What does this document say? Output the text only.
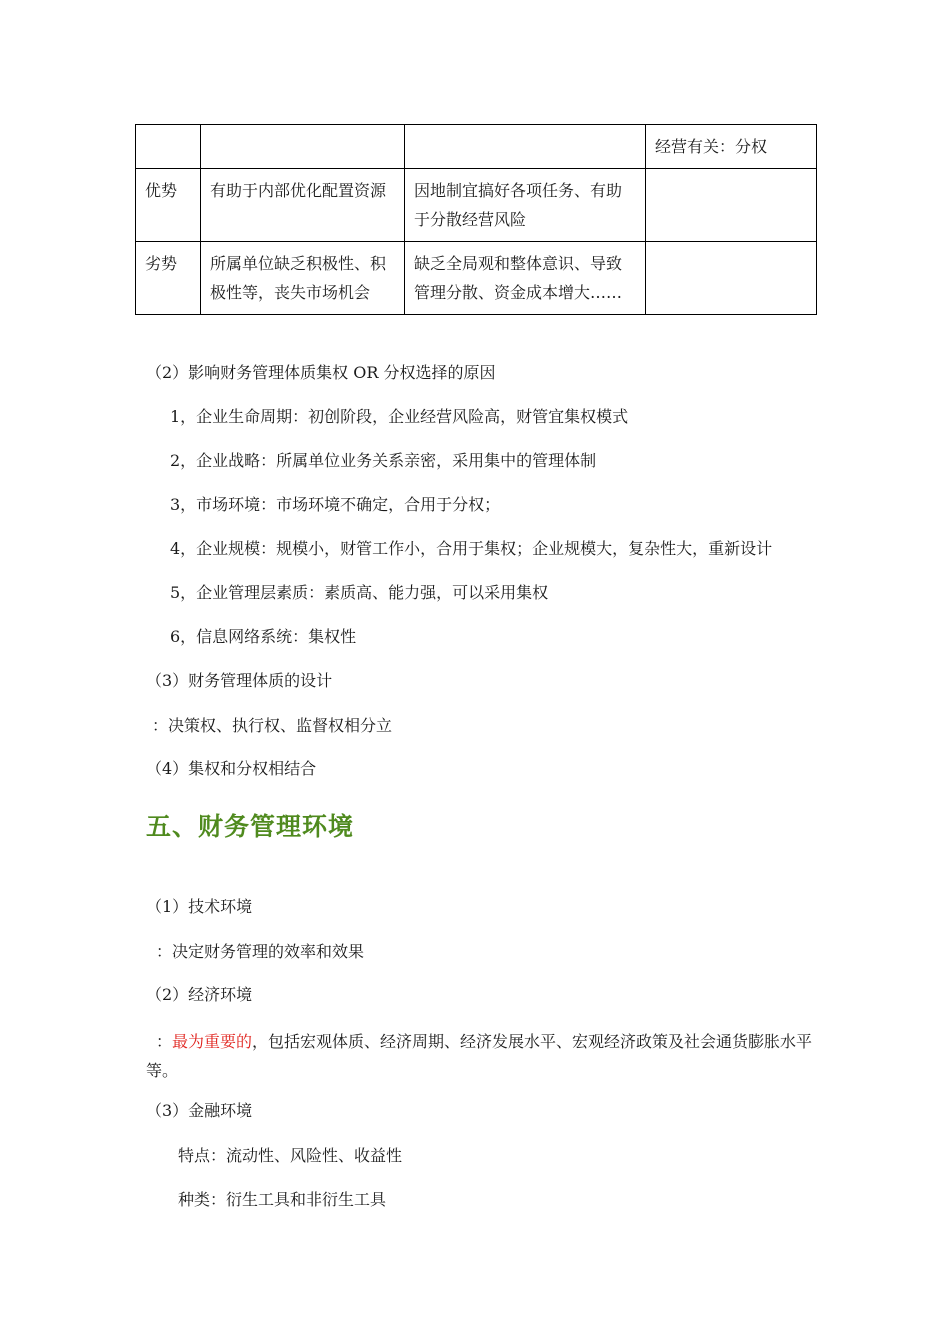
			经营有关：分权
优势	有助于内部优化配置资源	因地制宜搞好各项任务、有助于分散经营风险	
劣势	所属单位缺乏积极性、积极性等，丧失市场机会	缺乏全局观和整体意识、导致管理分散、资金成本增大……	
（2）影响财务管理体质集权 OR 分权选择的原因
1，企业生命周期：初创阶段，企业经营风险高，财管宜集权模式
2，企业战略：所属单位业务关系亲密，采用集中的管理体制
3，市场环境：市场环境不确定，合用于分权；
4，企业规模：规模小，财管工作小，合用于集权；企业规模大，复杂性大，重新设计
5，企业管理层素质：素质高、能力强，可以采用集权
6，信息网络系统：集权性
（3）财务管理体质的设计
：决策权、执行权、监督权相分立
（4）集权和分权相结合
五、财务管理环境
（1）技术环境
：决定财务管理的效率和效果
（2）经济环境
：最为重要的，包括宏观体质、经济周期、经济发展水平、宏观经济政策及社会通货膨胀水平等。
（3）金融环境
特点：流动性、风险性、收益性
种类：衍生工具和非衍生工具
